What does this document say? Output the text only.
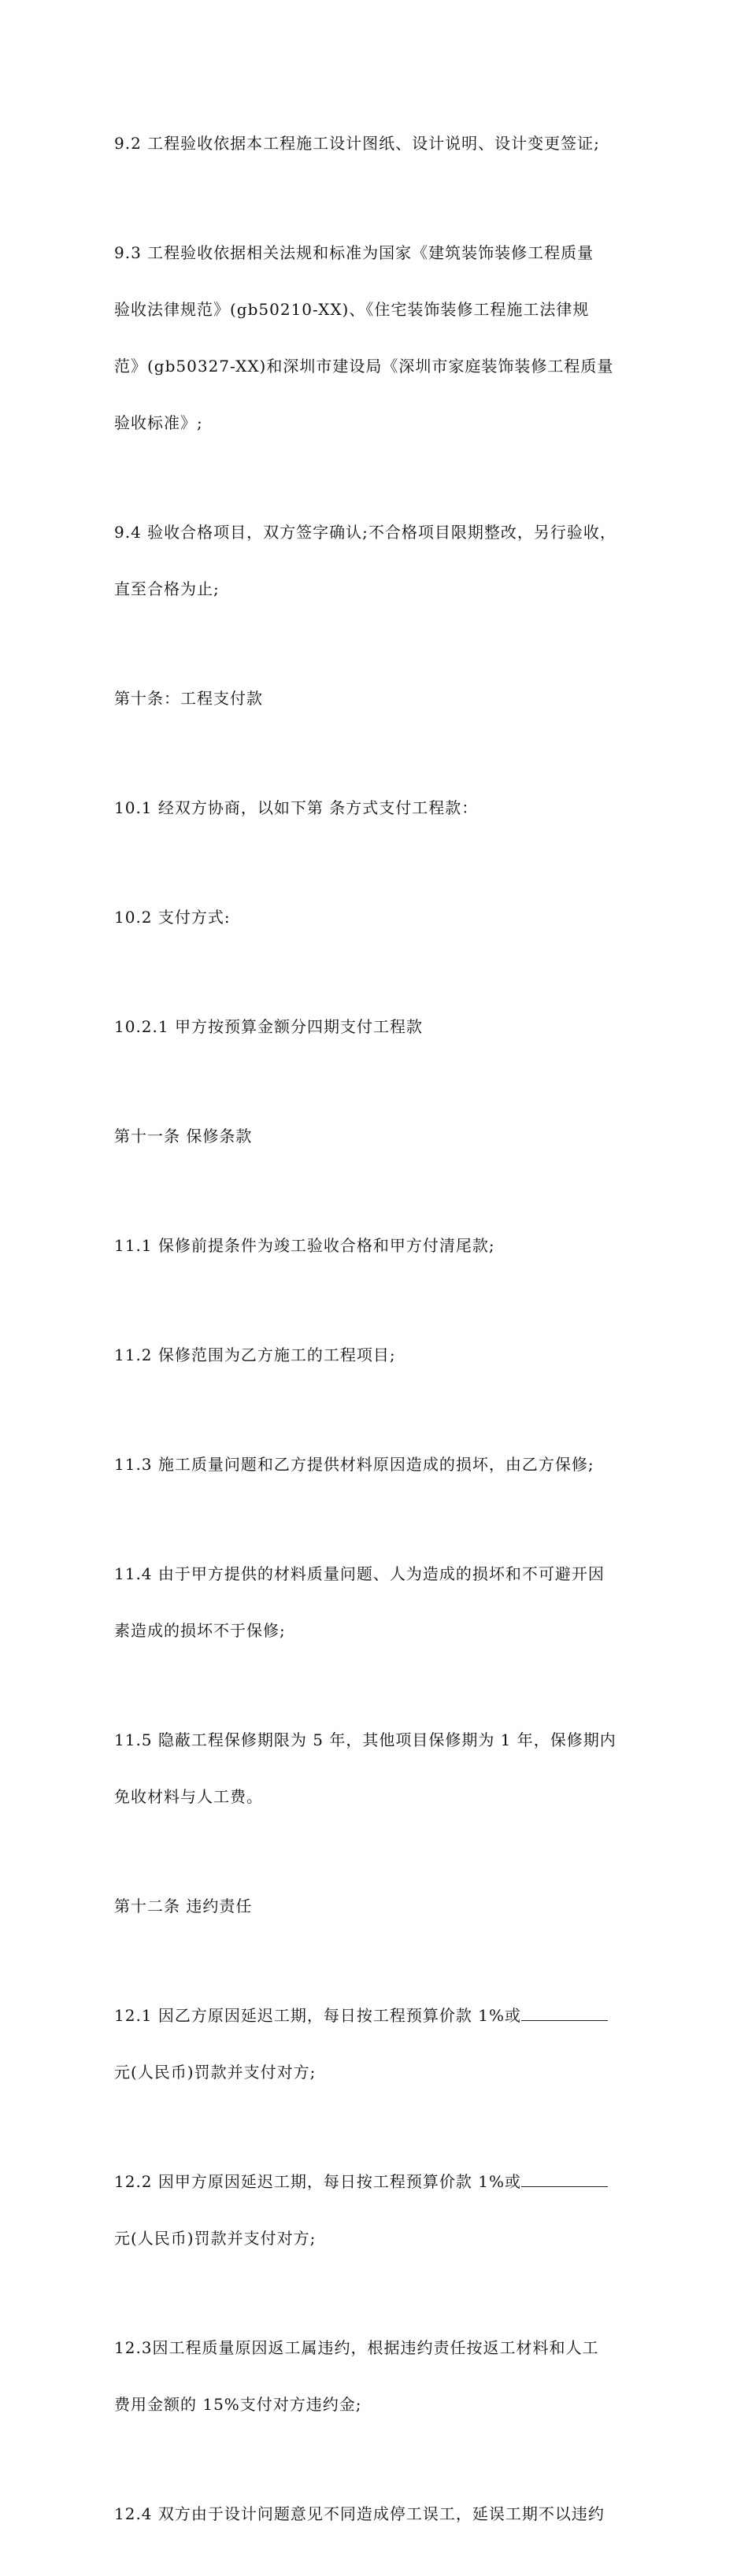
9.2 工程验收依据本工程施工设计图纸、设计说明、设计变更签证;

9.3 工程验收依据相关法规和标准为国家《建筑装饰装修工程质量

验收法律规范》(gb50210-XX)、《住宅装饰装修工程施工法律规

范》(gb50327-XX)和深圳市建设局《深圳市家庭装饰装修工程质量

验收标准》;

9.4 验收合格项目，双方签字确认;不合格项目限期整改，另行验收，

直至合格为止;

第十条：工程支付款

10.1 经双方协商，以如下第 条方式支付工程款：

10.2 支付方式:

10.2.1 甲方按预算金额分四期支付工程款

第十一条 保修条款

11.1 保修前提条件为竣工验收合格和甲方付清尾款;

11.2 保修范围为乙方施工的工程项目;

11.3 施工质量问题和乙方提供材料原因造成的损坏，由乙方保修;

11.4 由于甲方提供的材料质量问题、人为造成的损坏和不可避开因

素造成的损坏不于保修;

11.5 隐蔽工程保修期限为 5 年，其他项目保修期为 1 年，保修期内

免收材料与人工费。

第十二条 违约责任

12.1 因乙方原因延迟工期，每日按工程预算价款 1%或

元(人民币)罚款并支付对方;

12.2 因甲方原因延迟工期，每日按工程预算价款 1%或

元(人民币)罚款并支付对方;

12.3因工程质量原因返工属违约，根据违约责任按返工材料和人工

费用金额的 15%支付对方违约金;

12.4 双方由于设计问题意见不同造成停工误工，延误工期不以违约
